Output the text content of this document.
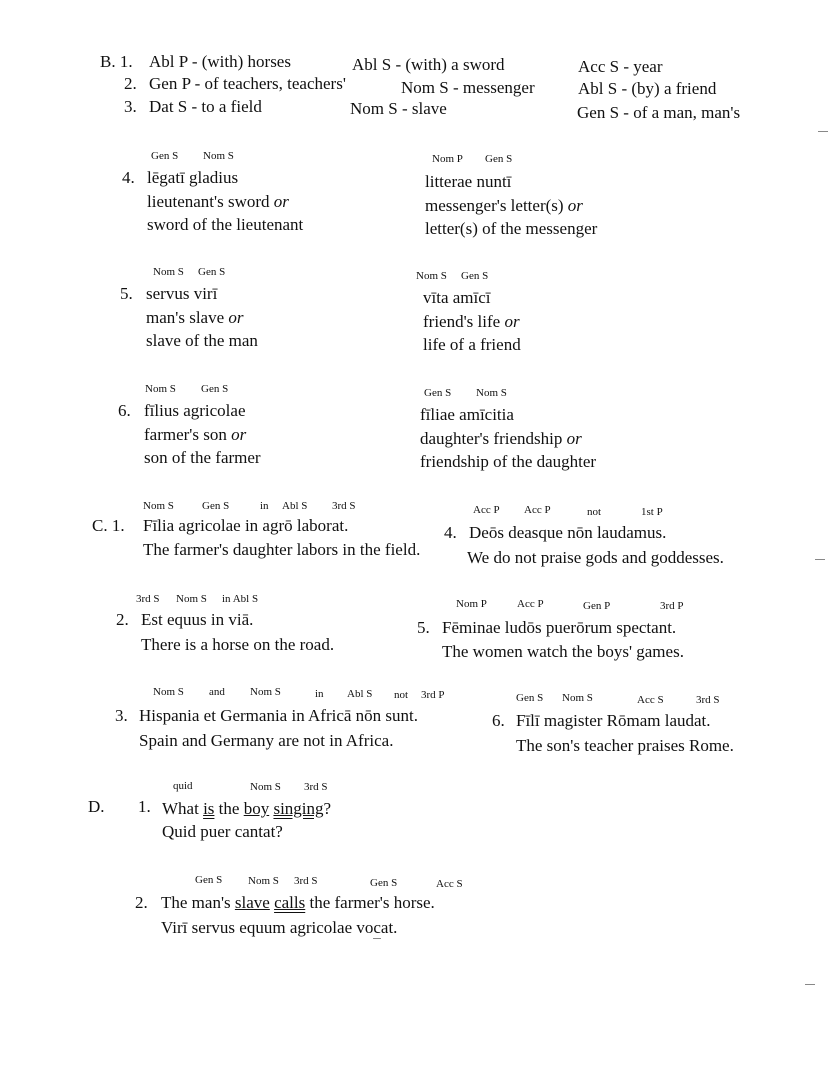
B. 1. Abl P - (with) horses	Abl S - (with) a sword	Acc S - year
2. Gen P - of teachers, teachers'	Nom S - messenger	Abl S - (by) a friend
3. Dat S - to a field	Nom S - slave	Gen S - of a man, man's
Gen S Nom S
4. lēgatī gladius
lieutenant's sword or
sword of the lieutenant
Nom P Gen S
litterae nuntī
messenger's letter(s) or
letter(s) of the messenger
Nom S Gen S
5. servus virī
man's slave or
slave of the man
Nom S Gen S
vīta amīcī
friend's life or
life of a friend
Nom S Gen S
6. fīlius agricolae
farmer's son or
son of the farmer
Gen S Nom S
fīliae amīcitia
daughter's friendship or
friendship of the daughter
Nom S	Gen S	in Abl S 3rd S
C. 1. Fīlia agricolae in agrō laborat.
The farmer's daughter labors in the field.
Acc P Acc P	not	1st P
4. Deōs deasque nōn laudamus.
We do not praise gods and goddesses.
3rd S Nom S in Abl S
2. Est equus in viā.
There is a horse on the road.
Nom P	Acc P	Gen P	3rd P
5. Fēminae ludōs puerōrum spectant.
The women watch the boys' games.
Nom S and Nom S	in Abl S not 3rd P
3. Hispania et Germania in Africā nōn sunt.
Spain and Germany are not in Africa.
Gen S Nom S	Acc S	3rd S
6. Fīlī magister Rōmam laudat.
The son's teacher praises Rome.
quid	Nom S 3rd S
D. 1. What is the boy singing?
Quid puer cantat?
Gen S Nom S 3rd S	Gen S	Acc S
2. The man's slave calls the farmer's horse.
Virī servus equum agricolae vocat.
